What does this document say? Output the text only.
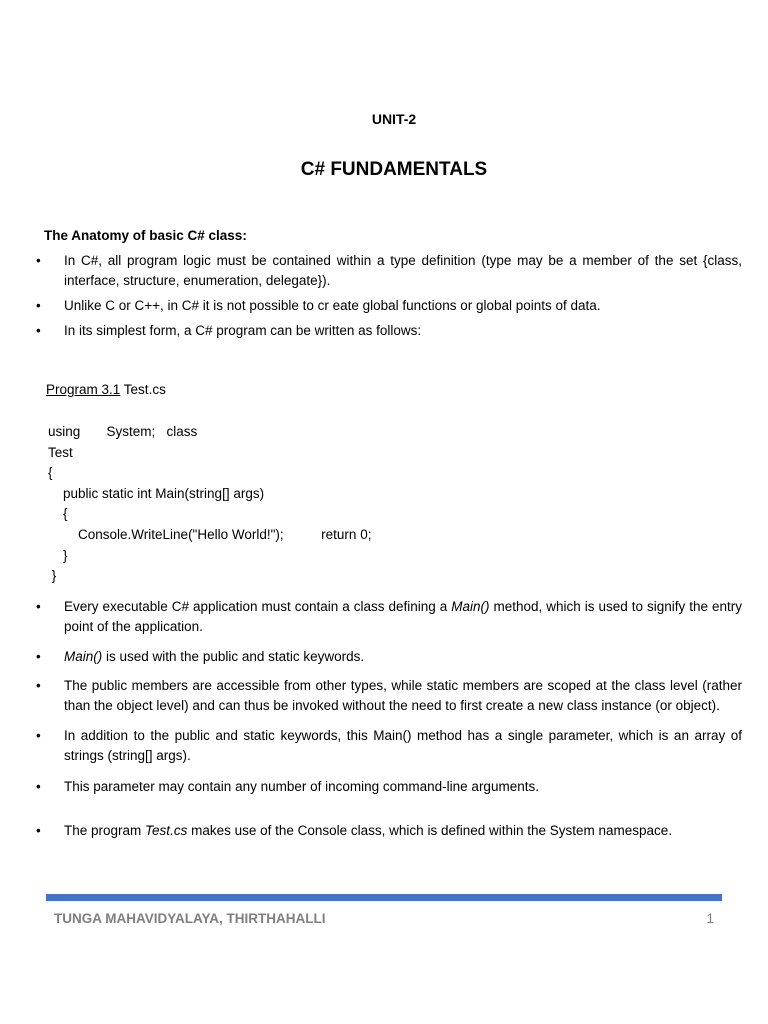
UNIT-2
C# FUNDAMENTALS
The Anatomy of basic C# class:
• In C#, all program logic must be contained within a type definition (type may be a member of the set {class, interface, structure, enumeration, delegate}).
• Unlike C or C++, in C# it is not possible to cr eate global functions or global points of data.
• In its simplest form, a C# program can be written as follows:
Program 3.1 Test.cs
using       System;   class
Test
{
public static int Main(string[] args)
{
Console.WriteLine("Hello World!");          return 0;
}
}
• Every executable C# application must contain a class defining a Main() method, which is used to signify the entry point of the application.
• Main() is used with the public and static keywords.
• The public members are accessible from other types, while static members are scoped at the class level (rather than the object level) and can thus be invoked without the need to first create a new class instance (or object).
• In addition to the public and static keywords, this Main() method has a single parameter, which is an array of strings (string[] args).
• This parameter may contain any number of incoming command-line arguments.
• The program Test.cs makes use of the Console class, which is defined within the System namespace.
TUNGA MAHAVIDYALAYA, THIRTHAHALLI	1
